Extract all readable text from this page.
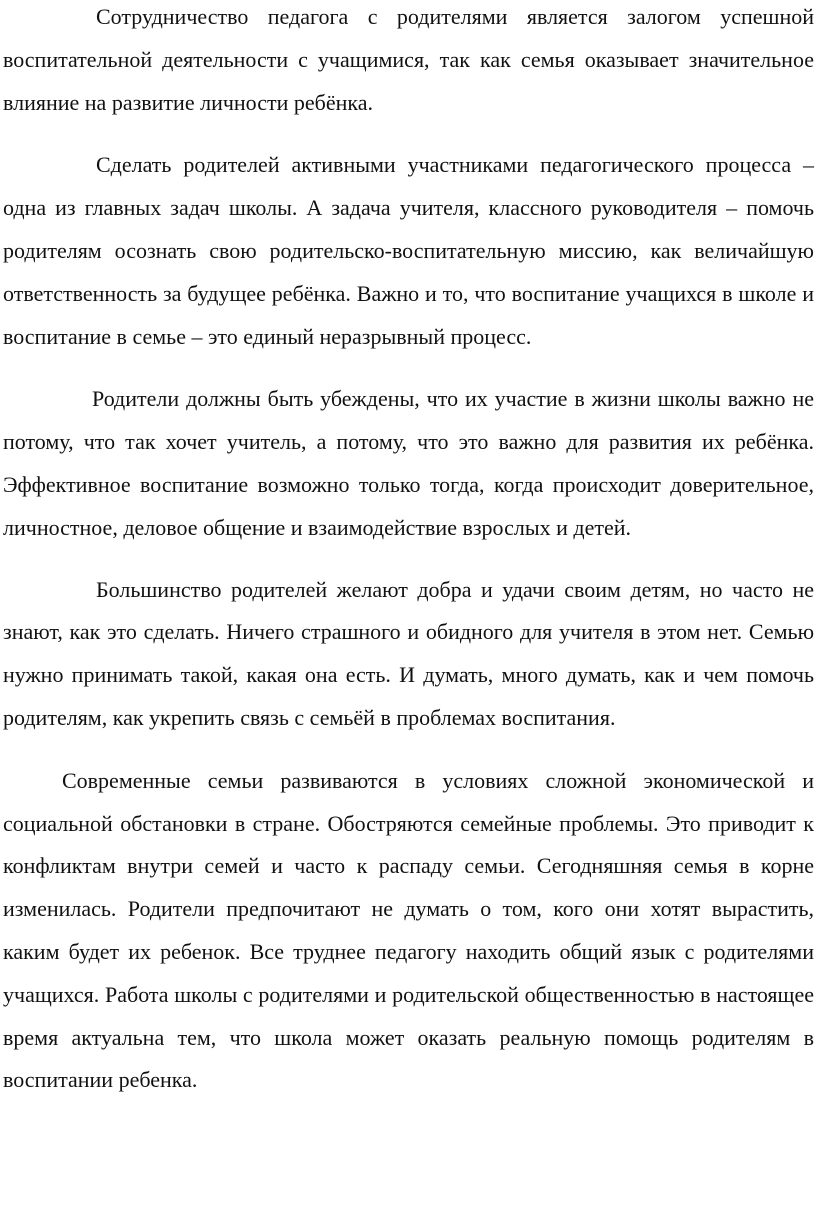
Сотрудничество педагога с родителями является залогом успешной воспитательной деятельности с учащимися, так как семья оказывает значительное влияние на развитие личности ребёнка.

Сделать родителей активными участниками педагогического процесса – одна из главных задач школы. А задача учителя, классного руководителя – помочь родителям осознать свою родительско-воспитательную миссию, как величайшую ответственность за будущее ребёнка. Важно и то, что воспитание учащихся в школе и воспитание в семье – это единый неразрывный процесс.

Родители должны быть убеждены, что их участие в жизни школы важно не потому, что так хочет учитель, а потому, что это важно для развития их ребёнка. Эффективное воспитание возможно только тогда, когда происходит доверительное, личностное, деловое общение и взаимодействие взрослых и детей.

Большинство родителей желают добра и удачи своим детям, но часто не знают, как это сделать. Ничего страшного и обидного для учителя в этом нет. Семью нужно принимать такой, какая она есть. И думать, много думать, как и чем помочь родителям, как укрепить связь с семьёй в проблемах воспитания.

Современные семьи развиваются в условиях сложной экономической и социальной обстановки в стране. Обостряются семейные проблемы. Это приводит к конфликтам внутри семей и часто к распаду семьи. Сегодняшняя семья в корне изменилась. Родители предпочитают не думать о том, кого они хотят вырастить, каким будет их ребенок. Все труднее педагогу находить общий язык с родителями учащихся. Работа школы с родителями и родительской общественностью в настоящее время актуальна тем, что школа может оказать реальную помощь родителям в воспитании ребенка.
